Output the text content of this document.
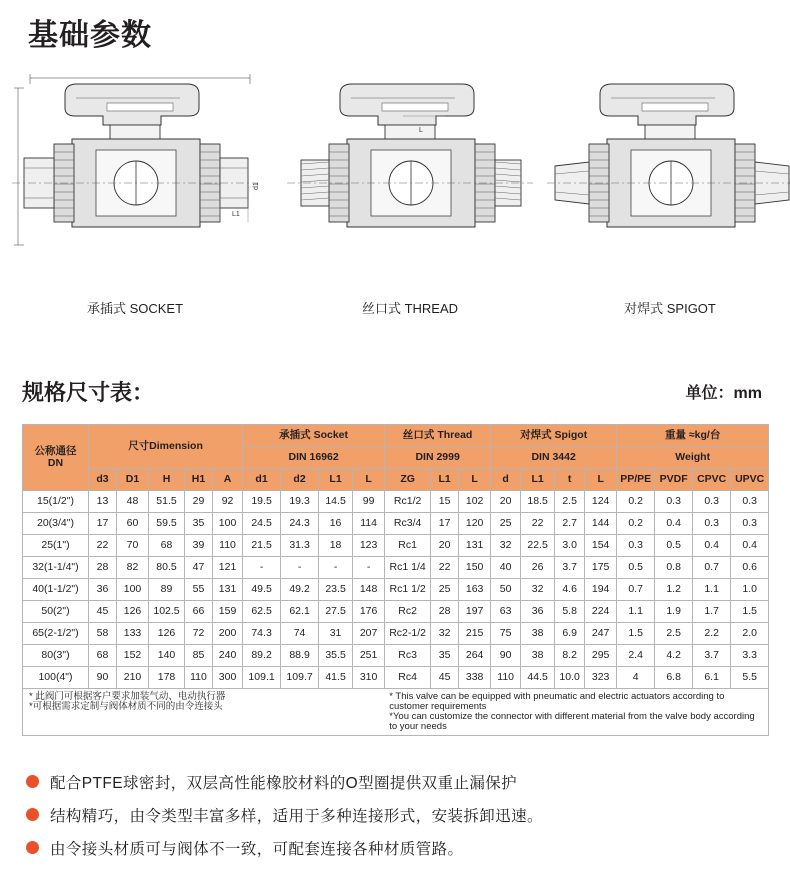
基础参数
L1
d1
承插式 SOCKET
L
丝口式 THREAD	对焊式 SPIGOT
规格尺寸表：	单位：mm
公称通径
DN	尺寸Dimension					承插式 Socket				丝口式 Thread			对焊式 Spigot				重量 ≈kg/台			
						DIN 16962				DIN 2999			DIN 3442				Weight			
	d3	D1	H	H1	A	d1	d2	L1	L	ZG	L1	L	d	L1	t	L	PP/PE	PVDF	CPVC	UPVC
15(1/2")	13	48	51.5	29	92	19.5	19.3	14.5	99	Rc1/2	15	102	20	18.5	2.5	124	0.2	0.3	0.3	0.3
20(3/4")	17	60	59.5	35	100	24.5	24.3	16	114	Rc3/4	17	120	25	22	2.7	144	0.2	0.4	0.3	0.3
25(1")	22	70	68	39	110	21.5	31.3	18	123	Rc1	20	131	32	22.5	3.0	154	0.3	0.5	0.4	0.4
32(1-1/4")	28	82	80.5	47	121	-	-	-	-	Rc1 1/4	22	150	40	26	3.7	175	0.5	0.8	0.7	0.6
40(1-1/2")	36	100	89	55	131	49.5	49.2	23.5	148	Rc1 1/2	25	163	50	32	4.6	194	0.7	1.2	1.1	1.0
50(2")	45	126	102.5	66	159	62.5	62.1	27.5	176	Rc2	28	197	63	36	5.8	224	1.1	1.9	1.7	1.5
65(2-1/2")	58	133	126	72	200	74.3	74	31	207	Rc2-1/2	32	215	75	38	6.9	247	1.5	2.5	2.2	2.0
80(3")	68	152	140	85	240	89.2	88.9	35.5	251	Rc3	35	264	90	38	8.2	295	2.4	4.2	3.7	3.3
100(4")	90	210	178	110	300	109.1	109.7	41.5	310	Rc4	45	338	110	44.5	10.0	323	4	6.8	6.1	5.5

* 此阀门可根据客户要求加装气动、电动执行器
*可根据需求定制与阀体材质不同的由令连接头
* This valve can be equipped with pneumatic and electric actuators according to customer requirements
*You can customize the connector with different material from the valve body according to your needs																				
配合PTFE球密封，双层高性能橡胶材料的O型圈提供双重止漏保护
结构精巧，由令类型丰富多样，适用于多种连接形式，安装拆卸迅速。
由令接头材质可与阀体不一致，可配套连接各种材质管路。
